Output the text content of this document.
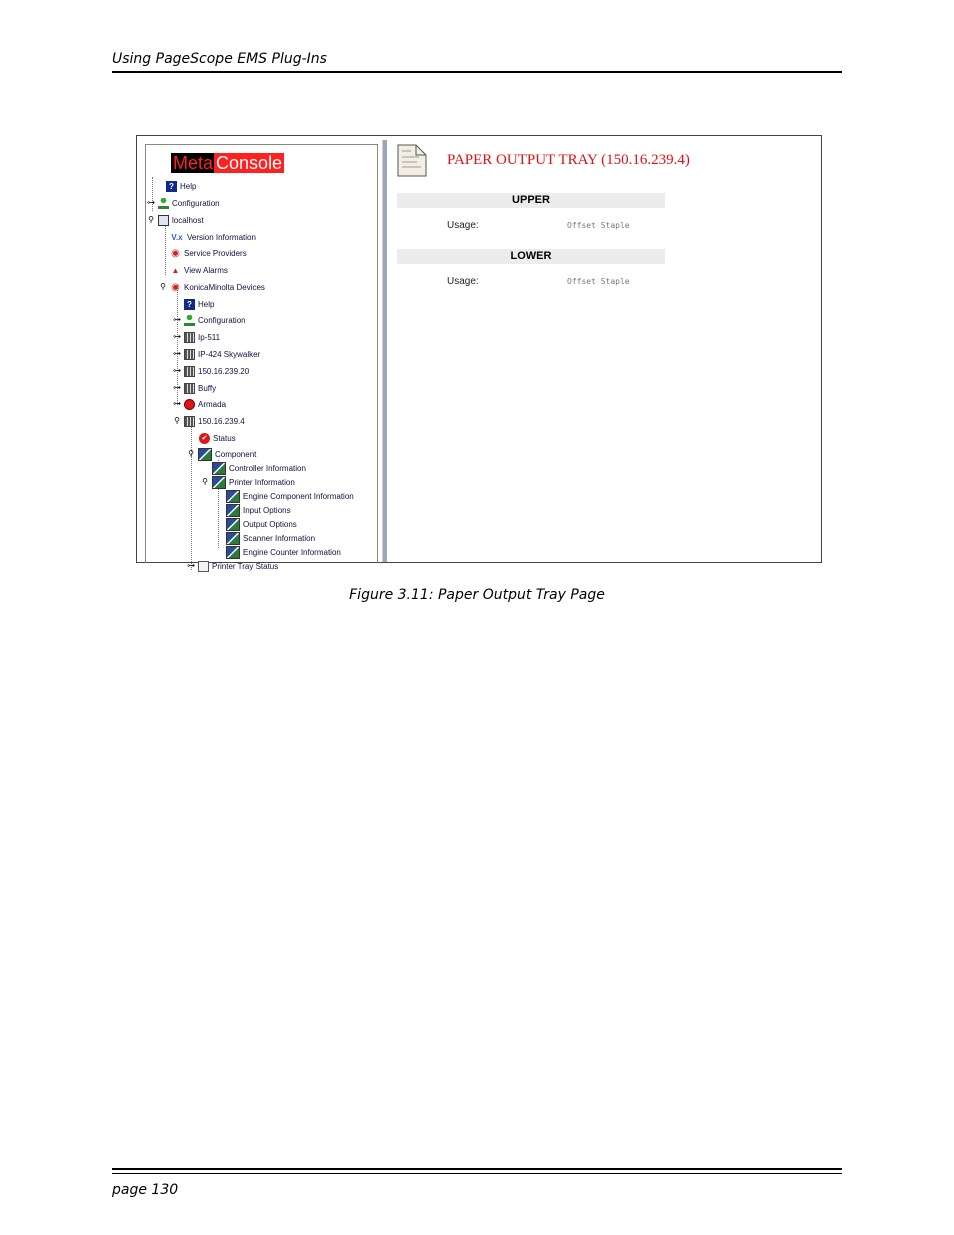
Using PageScope EMS Plug-Ins
Meta Console
? Help
⊶ Configuration
⚲ localhost
V.x Version Information
◉ Service Providers
▲ View Alarms
⚲ ◉ KonicaMinolta Devices
? Help
⊶ Configuration
⊶ Ip-511
⊶ IP-424 Skywalker
⊶ 150.16.239.20
⊶ Buffy
⊶ Armada
⚲ 150.16.239.4
✔ Status
⚲	Component
Controller Information
⚲	Printer Information
Engine Component Information
Input Options
Output Options
Scanner Information
Engine Counter Information
⊶ Printer Tray Status
PAPER OUTPUT TRAY (150.16.239.4)
UPPER
Usage:	Offset Staple
LOWER
Usage:	Offset Staple
Figure 3.11: Paper Output Tray Page
page 130
